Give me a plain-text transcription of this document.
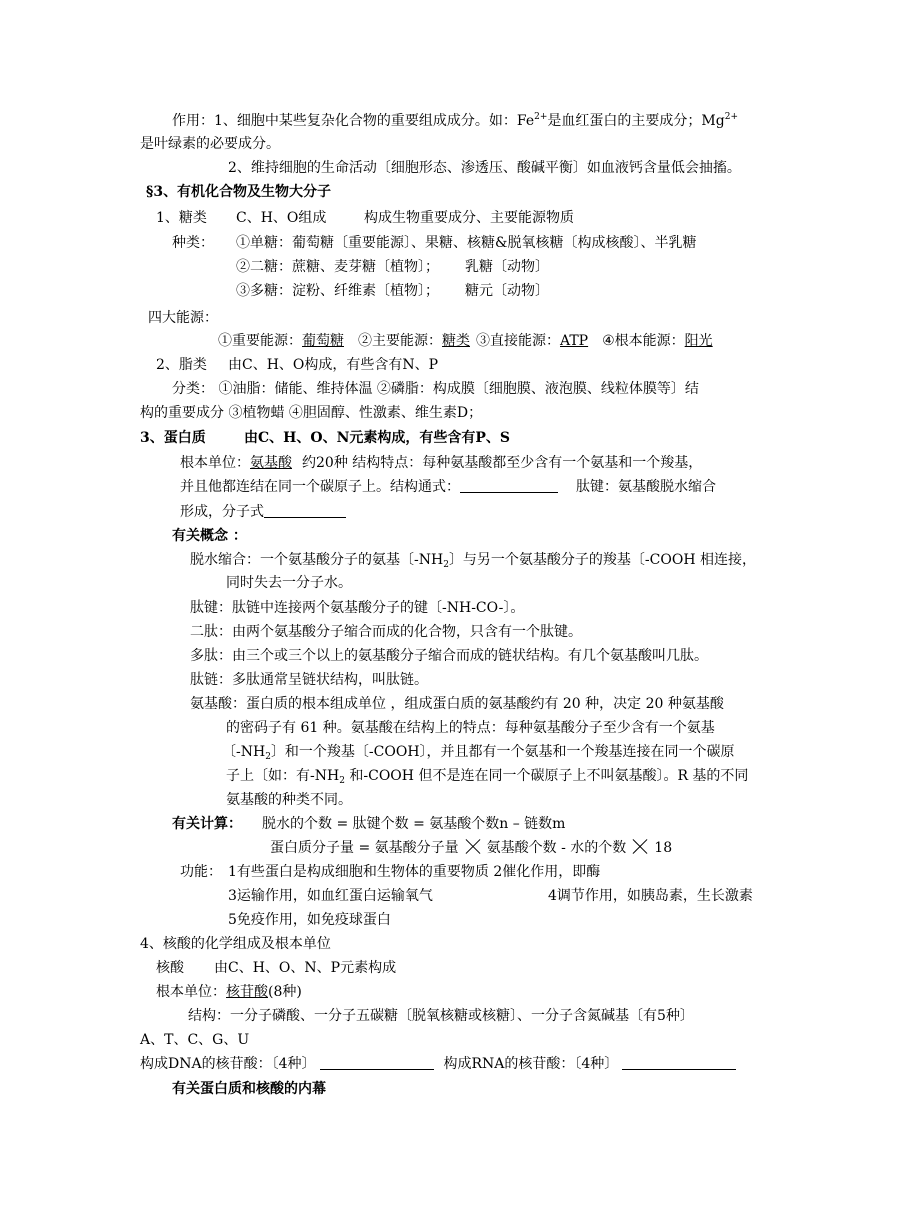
作用：1、细胞中某些复杂化合物的重要组成成分。如：$Fe^{2+}$是血红蛋白的主要成分；$Mg^{2+}$
是叶绿素的必要成分。
2、维持细胞的生命活动〔细胞形态、渗透压、酸碱平衡〕如血液钙含量低会抽搐。
§3、有机化合物及生物大分子
1、糖类 C、H、O组成	构成生物重要成分、主要能源物质
种类： ①单糖：葡萄糖〔重要能源〕、果糖、核糖&脱氧核糖〔构成核酸〕、半乳糖
②二糖：蔗糖、麦芽糖〔植物〕； 乳糖〔动物〕
③多糖：淀粉、纤维素〔植物〕； 糖元〔动物〕
四大能源：
①重要能源：葡萄糖 ②主要能源：糖类 ③直接能源：ATP ④根本能源：阳光
2、脂类 由C、H、O构成，有些含有N、P
分类： ①油脂：储能、维持体温 ②磷脂：构成膜〔细胞膜、液泡膜、线粒体膜等〕结
构的重要成分 ③植物蜡 ④胆固醇、性激素、维生素D；
3、蛋白质	由C、H、O、N元素构成，有些含有P、S
根本单位：氨基酸 约20种 结构特点：每种氨基酸都至少含有一个氨基和一个羧基，
并且他都连结在同一个碳原子上。结构通式：	肽键：氨基酸脱水缩合
形成，分子式
有关概念 ：
脱水缩合：一个氨基酸分子的氨基〔$-NH_2$〕与另一个氨基酸分子的羧基〔-COOH 相连接，
同时失去一分子水。
肽键：肽链中连接两个氨基酸分子的键〔-NH-CO-〕。
二肽：由两个氨基酸分子缩合而成的化合物，只含有一个肽键。
多肽：由三个或三个以上的氨基酸分子缩合而成的链状结构。有几个氨基酸叫几肽。
肽链：多肽通常呈链状结构，叫肽链。
氨基酸：蛋白质的根本组成单位 ，组成蛋白质的氨基酸约有 20 种，决定 20 种氨基酸
的密码子有 61 种。氨基酸在结构上的特点：每种氨基酸分子至少含有一个氨基
〔$-NH_2$〕和一个羧基〔-COOH〕，并且都有一个氨基和一个羧基连接在同一个碳原
子上〔如：有$-NH_2$ 和-COOH 但不是连在同一个碳原子上不叫氨基酸〕。R 基的不同
氨基酸的种类不同。
有关计算： 脱水的个数 = 肽键个数 = 氨基酸个数n – 链数m
蛋白质分子量 = 氨基酸分子量 氨基酸个数 - 水的个数 18
功能： 1有些蛋白是构成细胞和生物体的重要物质 2催化作用，即酶
3运输作用，如血红蛋白运输氧气	4调节作用，如胰岛素，生长激素
5免疫作用，如免疫球蛋白
4、核酸的化学组成及根本单位
核酸 由C、H、O、N、P元素构成
根本单位：核苷酸(8种)
结构：一分子磷酸、一分子五碳糖〔脱氧核糖或核糖〕、一分子含氮碱基〔有5种〕
A、T、C、G、U
构成DNA的核苷酸：〔4种〕	构成RNA的核苷酸：〔4种〕
有关蛋白质和核酸的内幕
